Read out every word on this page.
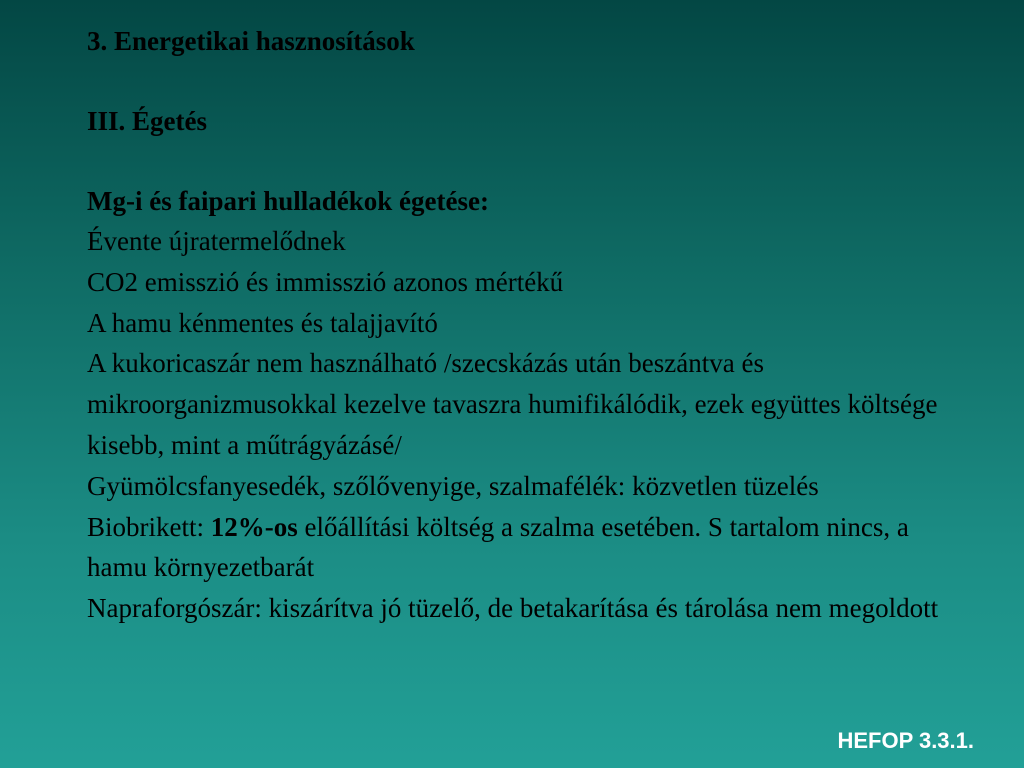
3. Energetikai hasznosítások
III. Égetés
Mg-i és faipari hulladékok égetése:

Évente újratermelődnek

CO2 emisszió és immisszió azonos mértékű

A hamu kénmentes és talajjavító

A kukoricaszár nem használható /szecskázás után beszántva és mikroorganizmusokkal kezelve tavaszra humifikálódik, ezek együttes költsége kisebb, mint a műtrágyázásé/

Gyümölcsfanyesedék, szőlővenyige, szalmafélék: közvetlen tüzelés

Biobrikett: 12%-os előállítási költség a szalma esetében. S tartalom nincs, a hamu környezetbarát

Napraforgószár: kiszárítva jó tüzelő, de betakarítása és tárolása nem megoldott

HEFOP 3.3.1.
